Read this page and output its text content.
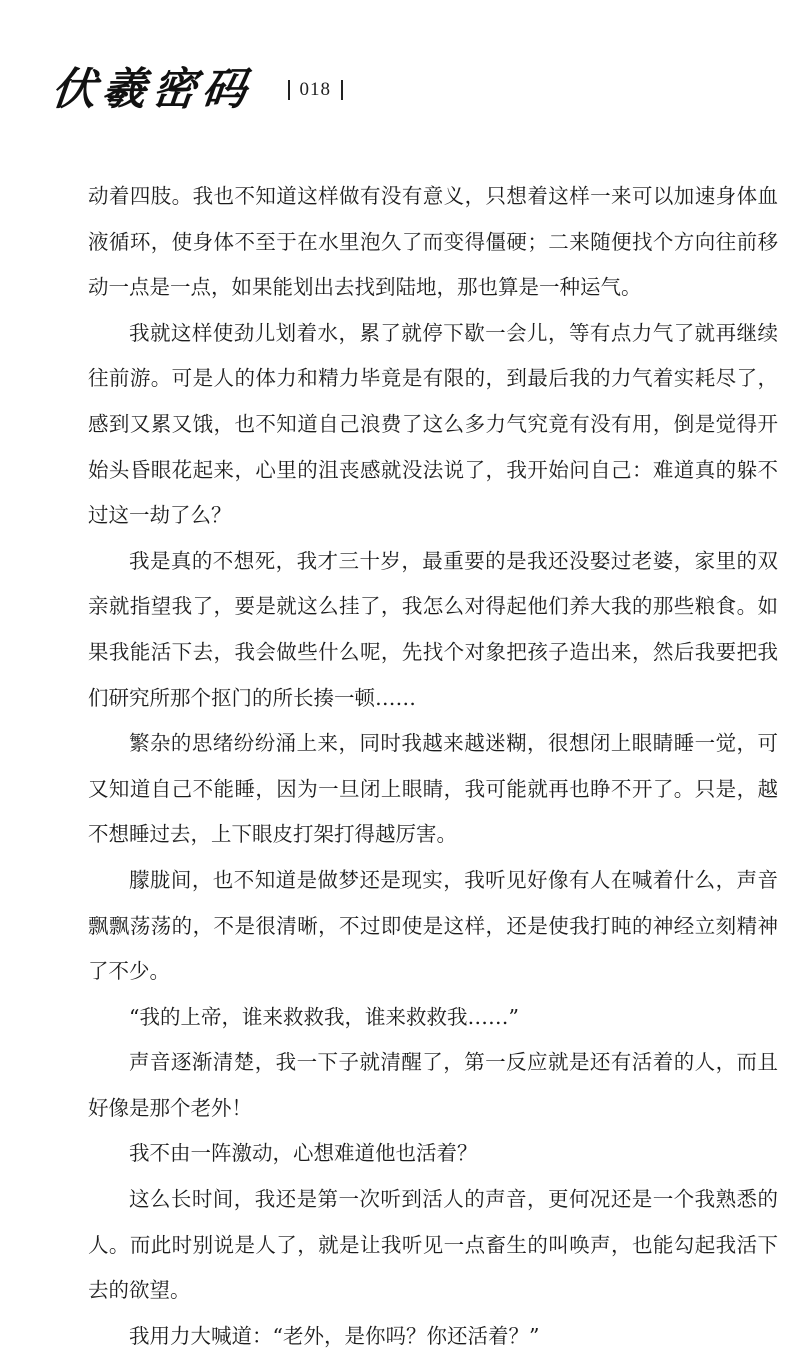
伏羲密码 018

动着四肢。我也不知道这样做有没有意义，只想着这样一来可以加速身体血液循环，使身体不至于在水里泡久了而变得僵硬；二来随便找个方向往前移动一点是一点，如果能划出去找到陆地，那也算是一种运气。

我就这样使劲儿划着水，累了就停下歇一会儿，等有点力气了就再继续往前游。可是人的体力和精力毕竟是有限的，到最后我的力气着实耗尽了，感到又累又饿，也不知道自己浪费了这么多力气究竟有没有用，倒是觉得开始头昏眼花起来，心里的沮丧感就没法说了，我开始问自己：难道真的躲不过这一劫了么？

我是真的不想死，我才三十岁，最重要的是我还没娶过老婆，家里的双亲就指望我了，要是就这么挂了，我怎么对得起他们养大我的那些粮食。如果我能活下去，我会做些什么呢，先找个对象把孩子造出来，然后我要把我们研究所那个抠门的所长揍一顿……

繁杂的思绪纷纷涌上来，同时我越来越迷糊，很想闭上眼睛睡一觉，可又知道自己不能睡，因为一旦闭上眼睛，我可能就再也睁不开了。只是，越不想睡过去，上下眼皮打架打得越厉害。

朦胧间，也不知道是做梦还是现实，我听见好像有人在喊着什么，声音飘飘荡荡的，不是很清晰，不过即使是这样，还是使我打盹的神经立刻精神了不少。

“我的上帝，谁来救救我，谁来救救我……”

声音逐渐清楚，我一下子就清醒了，第一反应就是还有活着的人，而且好像是那个老外！

我不由一阵激动，心想难道他也活着？

这么长时间，我还是第一次听到活人的声音，更何况还是一个我熟悉的人。而此时别说是人了，就是让我听见一点畜生的叫唤声，也能勾起我活下去的欲望。

我用力大喊道：“老外，是你吗？你还活着？”
